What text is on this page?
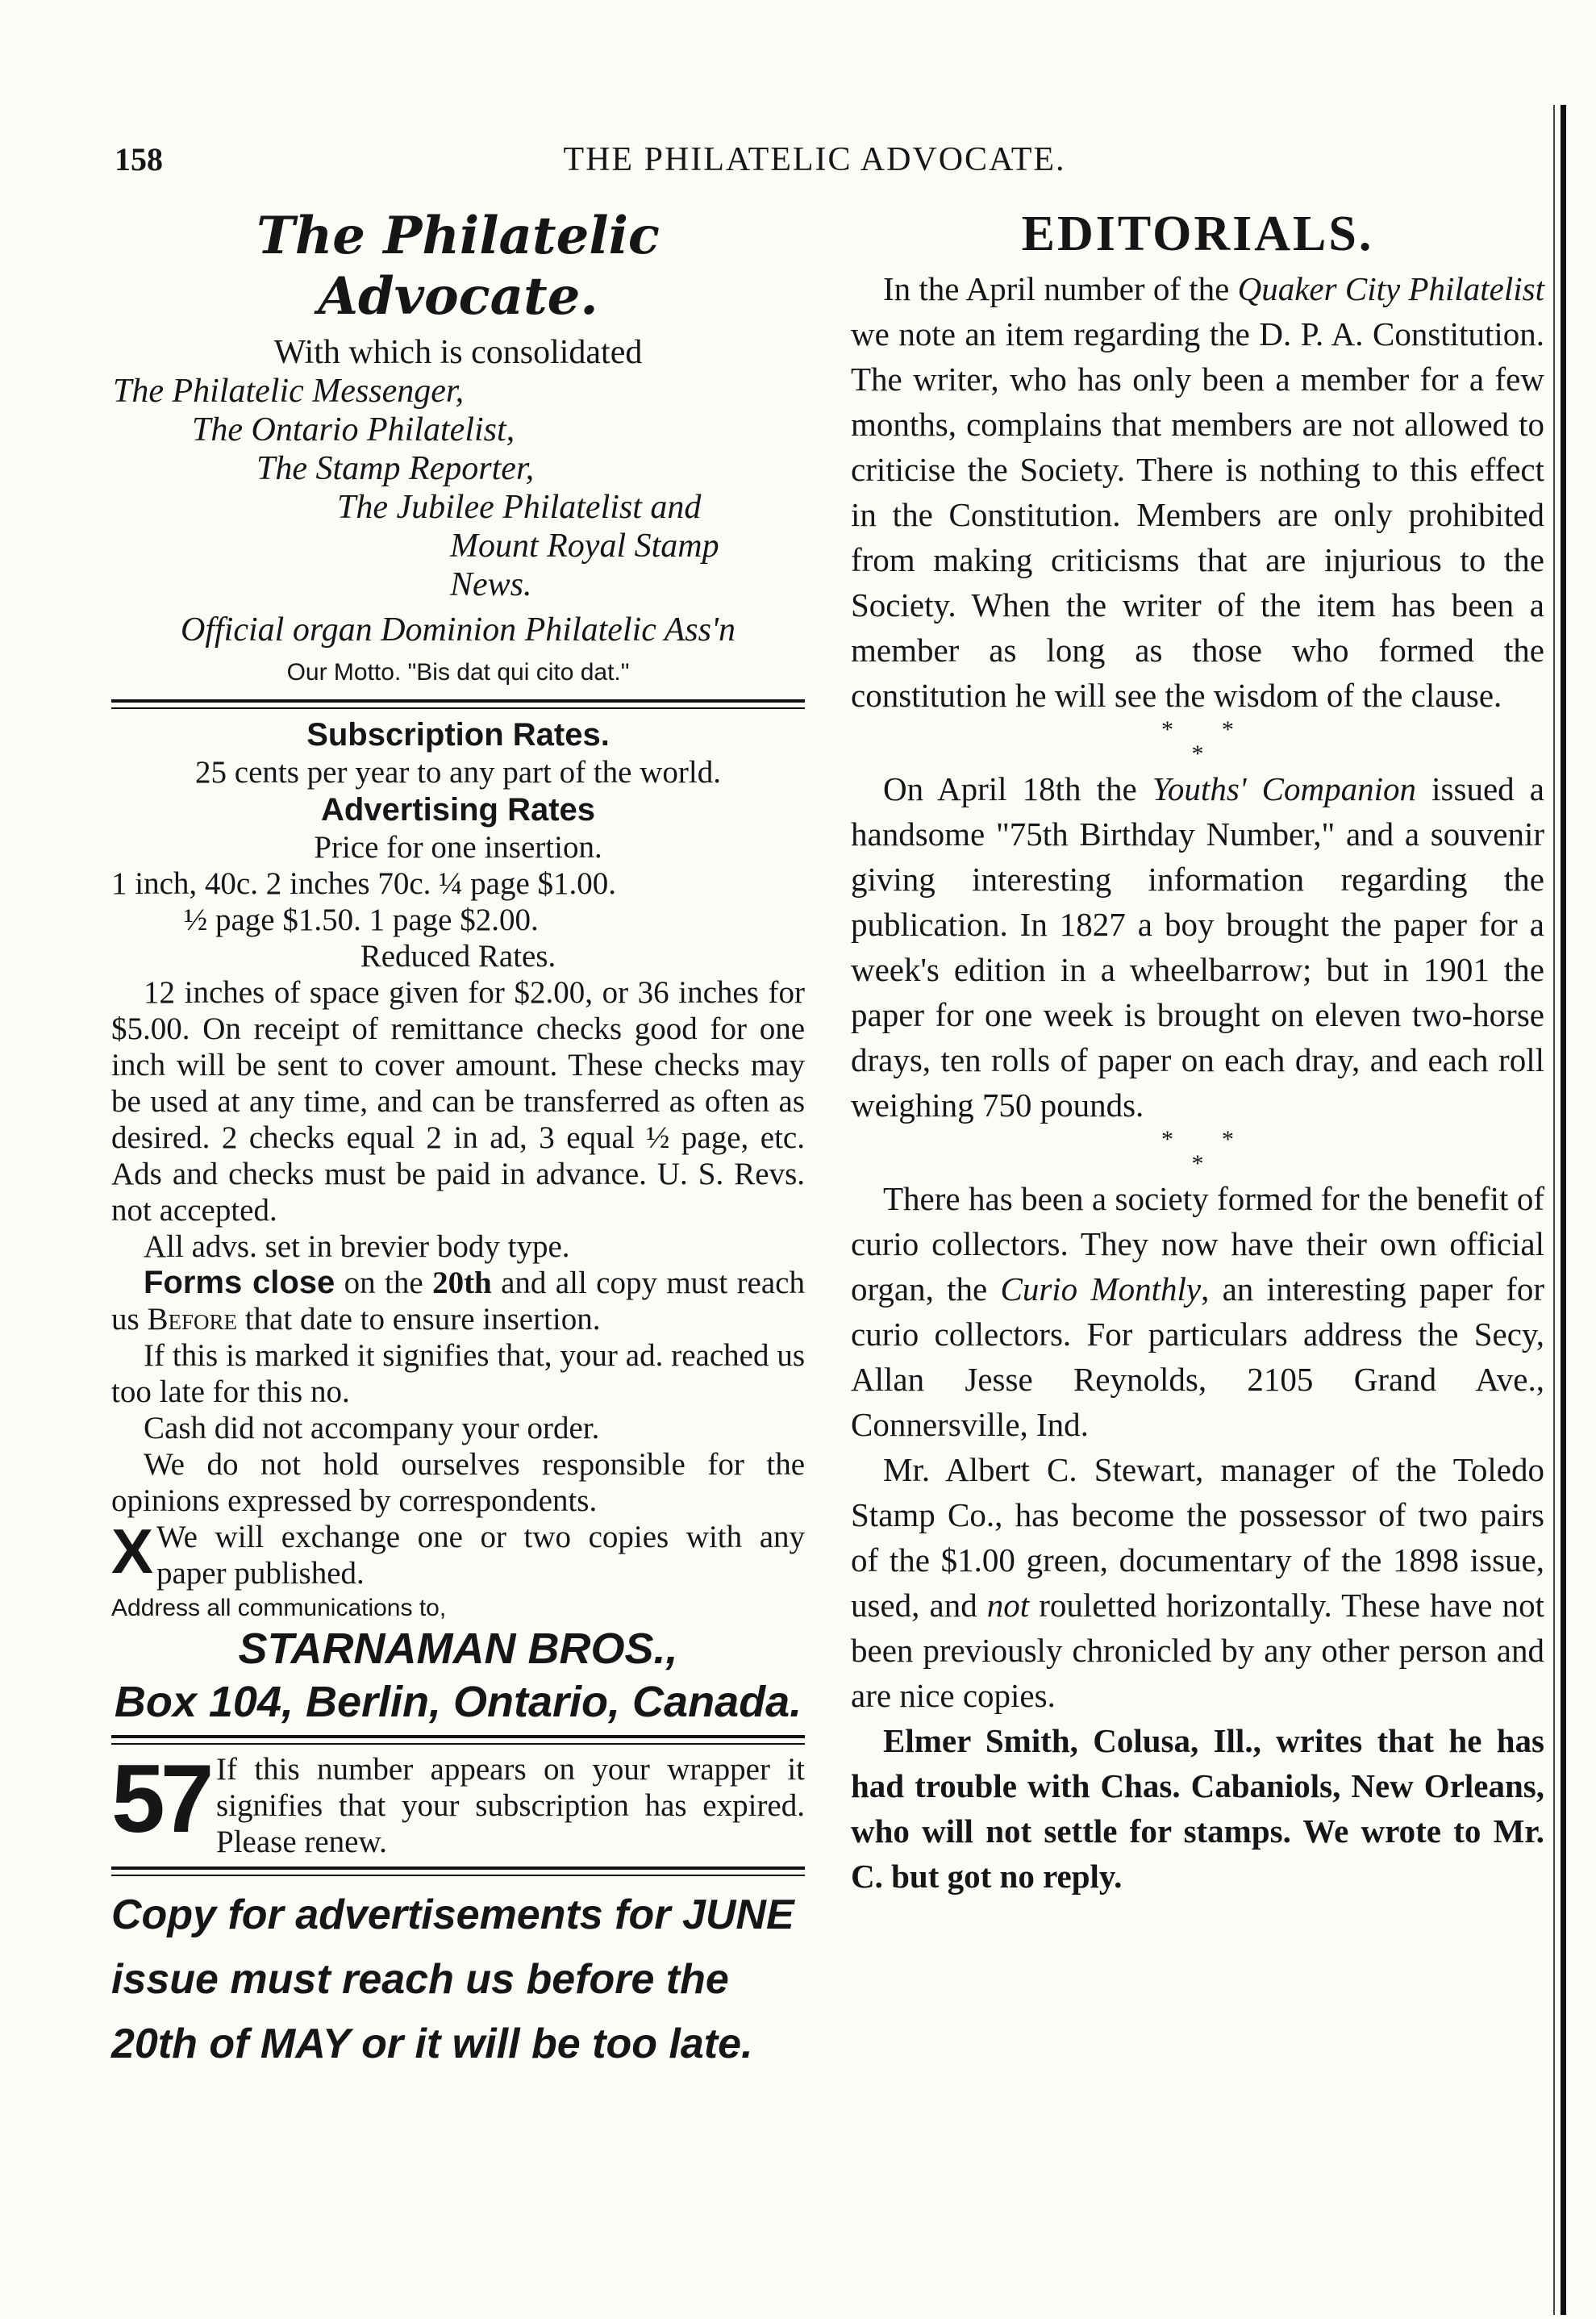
158	THE PHILATELIC ADVOCATE.
The Philatelic Advocate.
With which is consolidated
The Philatelic Messenger,
The Ontario Philatelist,
The Stamp Reporter,
The Jubilee Philatelist and
Mount Royal Stamp News.
Official organ Dominion Philatelic Ass'n
Our Motto. "Bis dat qui cito dat."
Subscription Rates.
25 cents per year to any part of the world.
Advertising Rates
Price for one insertion.
1 inch, 40c. 2 inches 70c. ¼ page $1.00.
½ page $1.50. 1 page $2.00.
Reduced Rates.
12 inches of space given for $2.00, or 36 inches for $5.00. On receipt of remittance checks good for one inch will be sent to cover amount. These checks may be used at any time, and can be transferred as often as desired. 2 checks equal 2 in ad, 3 equal ½ page, etc. Ads and checks must be paid in advance. U. S. Revs. not accepted.
All advs. set in brevier body type.
Forms close on the 20th and all copy must reach us Before that date to ensure insertion.
If this is marked it signifies that, your ad. reached us too late for this no.
Cash did not accompany your order.
We do not hold ourselves responsible for the opinions expressed by correspondents.
X We will exchange one or two copies with any paper published.
Address all communications to,
STARNAMAN BROS.,
Box 104, Berlin, Ontario, Canada.
57 If this number appears on your wrapper it signifies that your subscription has expired. Please renew.
Copy for advertisements for JUNE issue must reach us before the 20th of MAY or it will be too late.
EDITORIALS.

In the April number of the Quaker City Philatelist we note an item regarding the D. P. A. Constitution. The writer, who has only been a member for a few months, complains that members are not allowed to criticise the Society. There is nothing to this effect in the Constitution. Members are only prohibited from making criticisms that are injurious to the Society. When the writer of the item has been a member as long as those who formed the constitution he will see the wisdom of the clause.

* *
*

On April 18th the Youths' Companion issued a handsome "75th Birthday Number," and a souvenir giving interesting information regarding the publication. In 1827 a boy brought the paper for a week's edition in a wheelbarrow; but in 1901 the paper for one week is brought on eleven two-horse drays, ten rolls of paper on each dray, and each roll weighing 750 pounds.

* *
*

There has been a society formed for the benefit of curio collectors. They now have their own official organ, the Curio Monthly, an interesting paper for curio collectors. For particulars address the Secy, Allan Jesse Reynolds, 2105 Grand Ave., Connersville, Ind.

Mr. Albert C. Stewart, manager of the Toledo Stamp Co., has become the possessor of two pairs of the $1.00 green, documentary of the 1898 issue, used, and not rouletted horizontally. These have not been previously chronicled by any other person and are nice copies.

Elmer Smith, Colusa, Ill., writes that he has had trouble with Chas. Cabaniols, New Orleans, who will not settle for stamps. We wrote to Mr. C. but got no reply.
